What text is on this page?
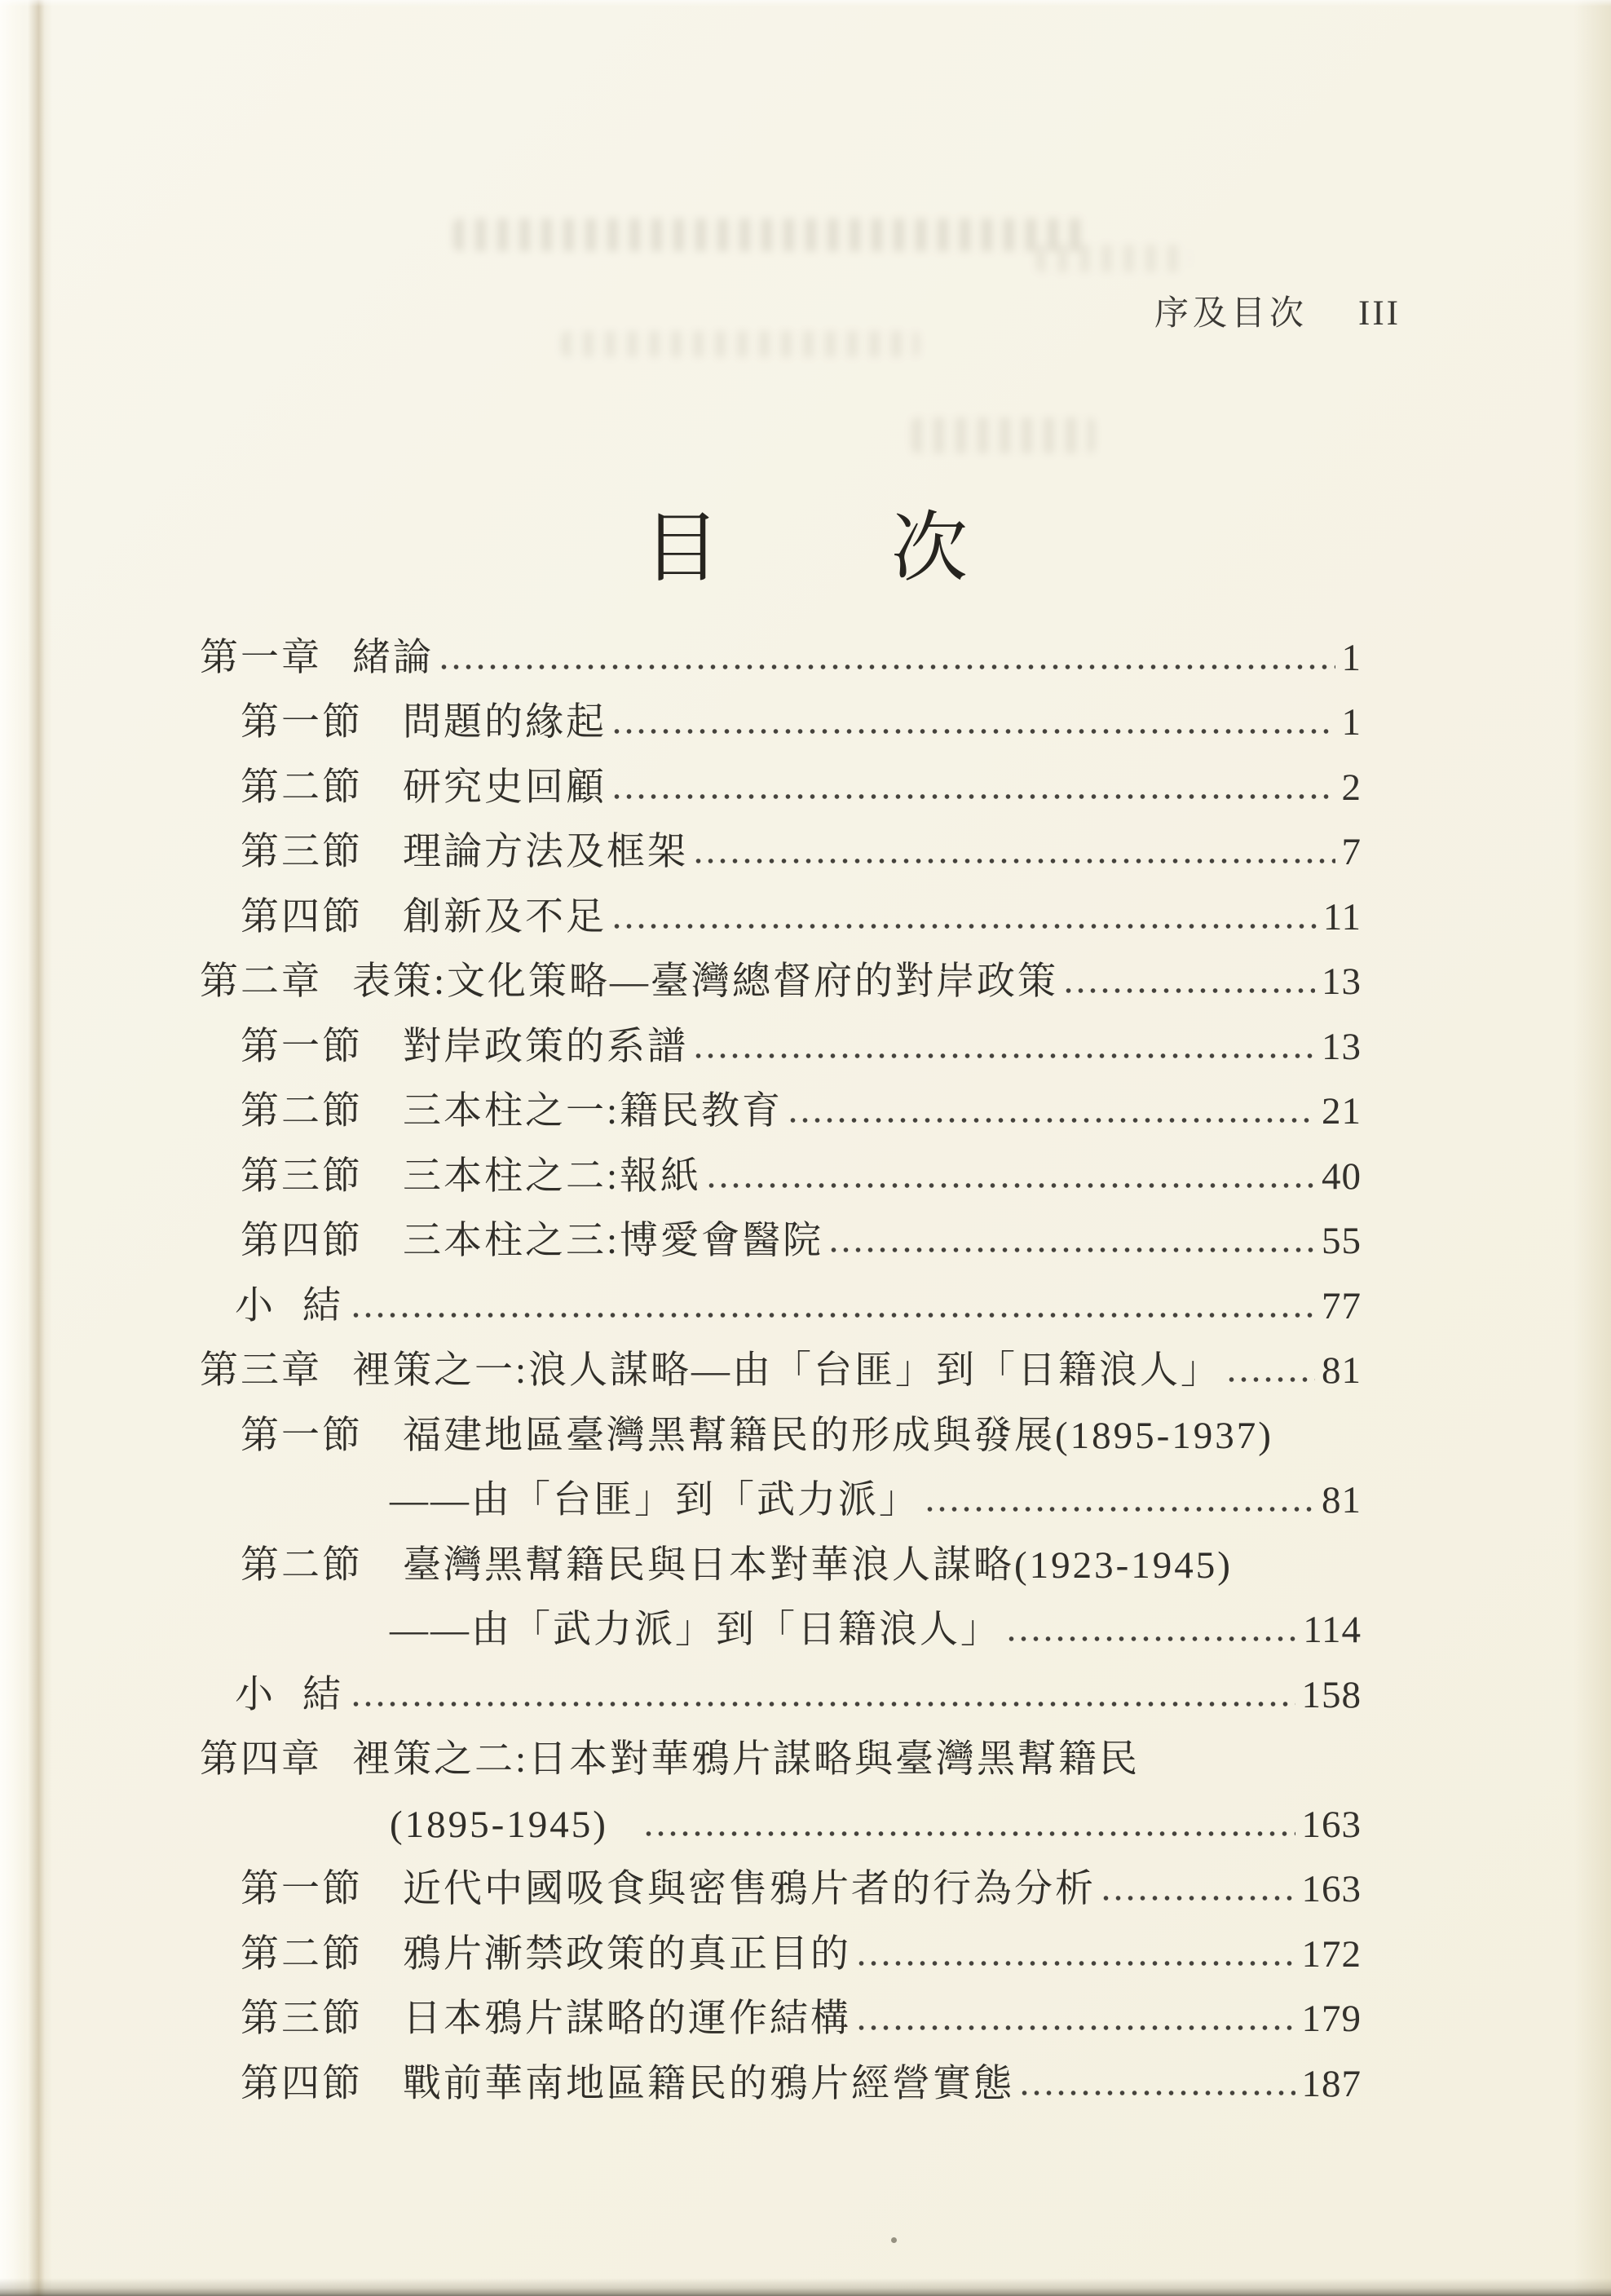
序及目次 III
目 次
第一章 緒論	1
第一節	問題的緣起	1
第二節	研究史回顧	2
第三節	理論方法及框架	7
第四節	創新及不足	11
第二章 表策:文化策略—臺灣總督府的對岸政策	13
第一節	對岸政策的系譜	13
第二節	三本柱之一:籍民教育	21
第三節	三本柱之二:報紙	40
第四節	三本柱之三:博愛會醫院	55
小 結	77
第三章 裡策之一:浪人謀略—由「台匪」到「日籍浪人」	81
第一節	福建地區臺灣黑幫籍民的形成與發展(1895-1937)
——由「台匪」到「武力派」	81
第二節	臺灣黑幫籍民與日本對華浪人謀略(1923-1945)
——由「武力派」到「日籍浪人」	114
小 結	158
第四章 裡策之二:日本對華鴉片謀略與臺灣黑幫籍民
(1895-1945)	163
第一節	近代中國吸食與密售鴉片者的行為分析	163
第二節	鴉片漸禁政策的真正目的	172
第三節	日本鴉片謀略的運作結構	179
第四節	戰前華南地區籍民的鴉片經營實態	187
